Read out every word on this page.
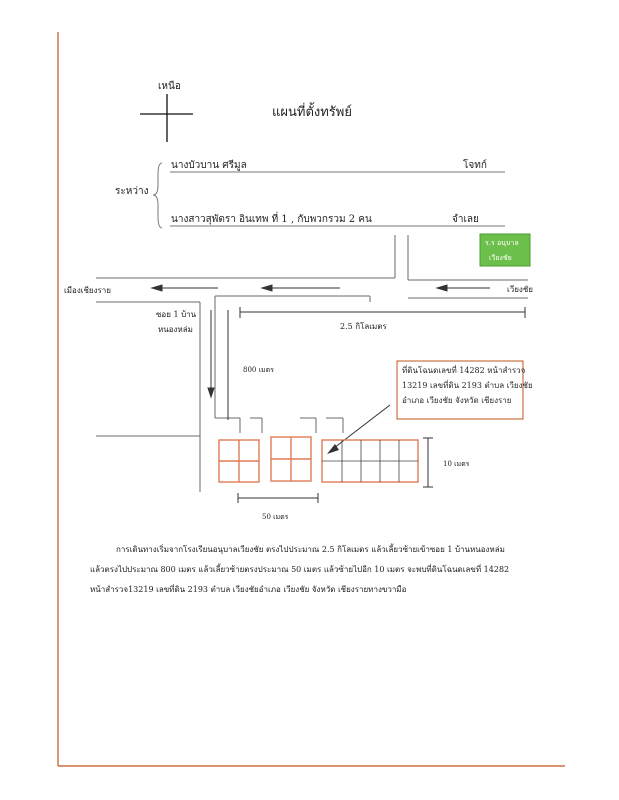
เหนือ
แผนที่ตั้งทรัพย์
ระหว่าง
นางบัวบาน ศรีมูล	โจทก์
นางสาวสุพัตรา อินเทพ ที่ 1 , กับพวกรวม 2 คน	จำเลย
ร.ร อนุบาล
เวียงชัย
เมืองเชียงราย	เวียงชัย
ซอย 1 บ้าน
หนองหล่ม	2.5 กิโลเมตร
800 เมตร
50 เมตร
10 เมตร
ที่ดินโฉนดเลขที่ 14282 หน้าสำรวจ
13219 เลขที่ดิน 2193 ตำบล เวียงชัย
อำเภอ เวียงชัย จังหวัด เชียงราย
การเดินทางเริ่มจากโรงเรียนอนุบาลเวียงชัย ตรงไปประมาณ 2.5 กิโลเมตร แล้วเลี้ยวซ้ายเข้าซอย 1 บ้านหนองหล่ม
แล้วตรงไปประมาณ 800 เมตร แล้วเลี้ยวซ้ายตรงประมาณ 50 เมตร แล้วซ้ายไปอีก 10 เมตร จะพบที่ดินโฉนดเลขที่ 14282
หน้าสำรวจ13219 เลขที่ดิน 2193 ตำบล เวียงชัยอำเภอ เวียงชัย จังหวัด เชียงรายทางขวามือ
